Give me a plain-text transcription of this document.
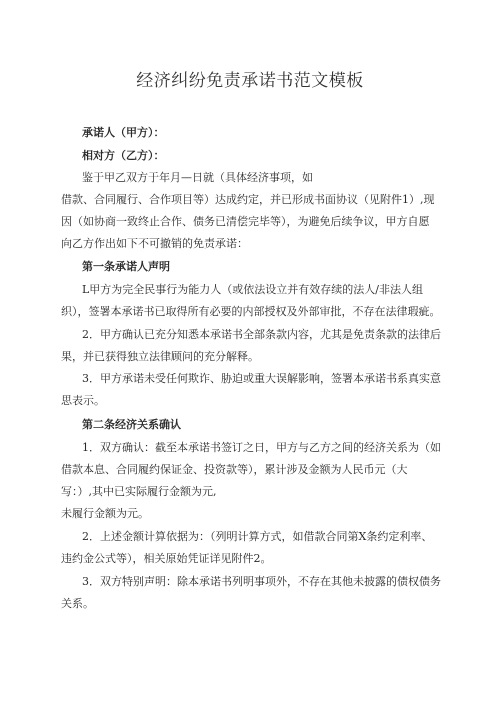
经济纠纷免责承诺书范文模板
承诺人（甲方）：
相对方（乙方）：
鉴于甲乙双方于年月—日就（具体经济事项，如
借款、合同履行、合作项目等）达成约定，并已形成书面协议（见附件1）,现
因（如协商一致终止合作、债务已清偿完毕等），为避免后续争议，甲方自愿
向乙方作出如下不可撤销的免责承诺：
第一条承诺人声明
L甲方为完全民事行为能力人（或依法设立并有效存续的法人/非法人组
织），签署本承诺书已取得所有必要的内部授权及外部审批，不存在法律瑕疵。
2．甲方确认已充分知悉本承诺书全部条款内容，尤其是免责条款的法律后
果，并已获得独立法律顾问的充分解释。
3．甲方承诺未受任何欺诈、胁迫或重大误解影响，签署本承诺书系真实意
思表示。
第二条经济关系确认
1．双方确认：截至本承诺书签订之日，甲方与乙方之间的经济关系为（如
借款本息、合同履约保证金、投资款等），累计涉及金额为人民币元（大
写：）,其中已实际履行金额为元,
未履行金额为元。
2．上述金额计算依据为：（列明计算方式，如借款合同第X条约定利率、
违约金公式等），相关原始凭证详见附件2。
3．双方特别声明：除本承诺书列明事项外，不存在其他未披露的债权债务
关系。
